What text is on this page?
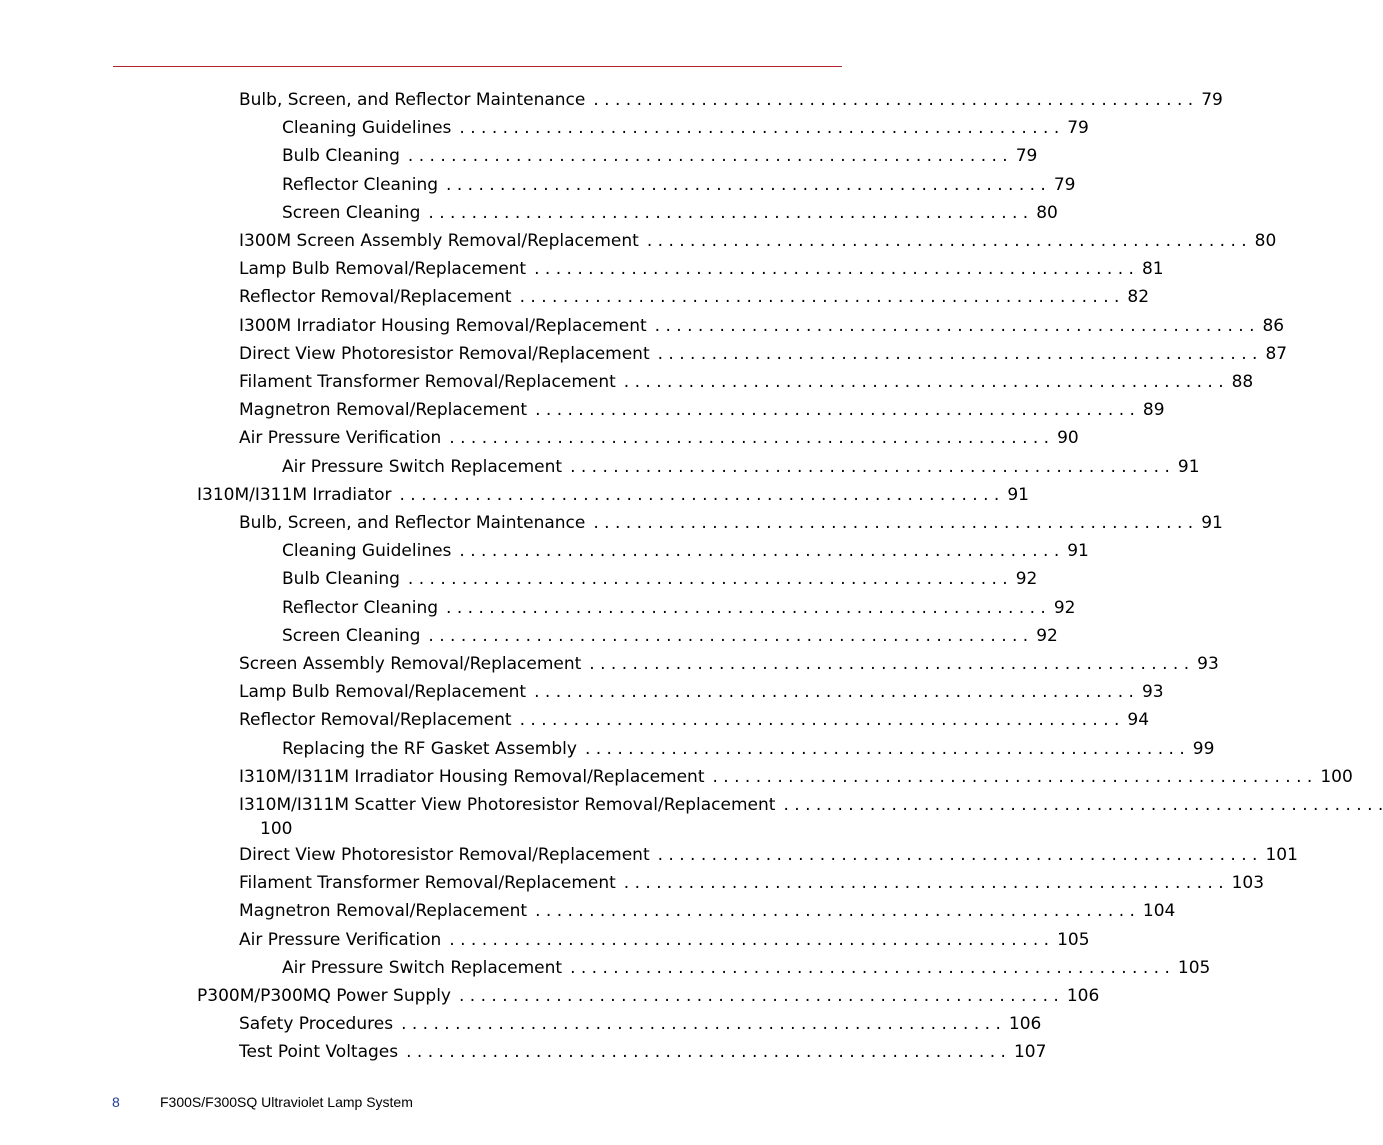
Bulb, Screen, and Reflector Maintenance . . . . . . . . . . . . . . . . . . . . . . . . . . . . . . . . . . . . . . . . . . . . . . . . . . . . . . . . 79
Cleaning Guidelines . . . . . . . . . . . . . . . . . . . . . . . . . . . . . . . . . . . . . . . . . . . . . . . . . . . . . . . . 79
Bulb Cleaning . . . . . . . . . . . . . . . . . . . . . . . . . . . . . . . . . . . . . . . . . . . . . . . . . . . . . . . . 79
Reflector Cleaning . . . . . . . . . . . . . . . . . . . . . . . . . . . . . . . . . . . . . . . . . . . . . . . . . . . . . . . . 79
Screen Cleaning . . . . . . . . . . . . . . . . . . . . . . . . . . . . . . . . . . . . . . . . . . . . . . . . . . . . . . . . 80
I300M Screen Assembly Removal/Replacement . . . . . . . . . . . . . . . . . . . . . . . . . . . . . . . . . . . . . . . . . . . . . . . . . . . . . . . . 80
Lamp Bulb Removal/Replacement . . . . . . . . . . . . . . . . . . . . . . . . . . . . . . . . . . . . . . . . . . . . . . . . . . . . . . . . 81
Reflector Removal/Replacement . . . . . . . . . . . . . . . . . . . . . . . . . . . . . . . . . . . . . . . . . . . . . . . . . . . . . . . . 82
I300M Irradiator Housing Removal/Replacement . . . . . . . . . . . . . . . . . . . . . . . . . . . . . . . . . . . . . . . . . . . . . . . . . . . . . . . . 86
Direct View Photoresistor Removal/Replacement . . . . . . . . . . . . . . . . . . . . . . . . . . . . . . . . . . . . . . . . . . . . . . . . . . . . . . . . 87
Filament Transformer Removal/Replacement . . . . . . . . . . . . . . . . . . . . . . . . . . . . . . . . . . . . . . . . . . . . . . . . . . . . . . . . 88
Magnetron Removal/Replacement . . . . . . . . . . . . . . . . . . . . . . . . . . . . . . . . . . . . . . . . . . . . . . . . . . . . . . . . 89
Air Pressure Verification . . . . . . . . . . . . . . . . . . . . . . . . . . . . . . . . . . . . . . . . . . . . . . . . . . . . . . . . 90
Air Pressure Switch Replacement . . . . . . . . . . . . . . . . . . . . . . . . . . . . . . . . . . . . . . . . . . . . . . . . . . . . . . . . 91
I310M/I311M Irradiator . . . . . . . . . . . . . . . . . . . . . . . . . . . . . . . . . . . . . . . . . . . . . . . . . . . . . . . . 91
Bulb, Screen, and Reflector Maintenance . . . . . . . . . . . . . . . . . . . . . . . . . . . . . . . . . . . . . . . . . . . . . . . . . . . . . . . . 91
Cleaning Guidelines . . . . . . . . . . . . . . . . . . . . . . . . . . . . . . . . . . . . . . . . . . . . . . . . . . . . . . . . 91
Bulb Cleaning . . . . . . . . . . . . . . . . . . . . . . . . . . . . . . . . . . . . . . . . . . . . . . . . . . . . . . . . 92
Reflector Cleaning . . . . . . . . . . . . . . . . . . . . . . . . . . . . . . . . . . . . . . . . . . . . . . . . . . . . . . . . 92
Screen Cleaning . . . . . . . . . . . . . . . . . . . . . . . . . . . . . . . . . . . . . . . . . . . . . . . . . . . . . . . . 92
Screen Assembly Removal/Replacement . . . . . . . . . . . . . . . . . . . . . . . . . . . . . . . . . . . . . . . . . . . . . . . . . . . . . . . . 93
Lamp Bulb Removal/Replacement . . . . . . . . . . . . . . . . . . . . . . . . . . . . . . . . . . . . . . . . . . . . . . . . . . . . . . . . 93
Reflector Removal/Replacement . . . . . . . . . . . . . . . . . . . . . . . . . . . . . . . . . . . . . . . . . . . . . . . . . . . . . . . . 94
Replacing the RF Gasket Assembly . . . . . . . . . . . . . . . . . . . . . . . . . . . . . . . . . . . . . . . . . . . . . . . . . . . . . . . . 99
I310M/I311M Irradiator Housing Removal/Replacement . . . . . . . . . . . . . . . . . . . . . . . . . . . . . . . . . . . . . . . . . . . . . . . . . . . . . . . . 100
I310M/I311M Scatter View Photoresistor Removal/Replacement . . . . . . . . . . . . . . . . . . . . . . . . . . . . . . . . . . . . . . . . . . . . . . . . . . . . . . . .
100
Direct View Photoresistor Removal/Replacement . . . . . . . . . . . . . . . . . . . . . . . . . . . . . . . . . . . . . . . . . . . . . . . . . . . . . . . . 101
Filament Transformer Removal/Replacement . . . . . . . . . . . . . . . . . . . . . . . . . . . . . . . . . . . . . . . . . . . . . . . . . . . . . . . . 103
Magnetron Removal/Replacement . . . . . . . . . . . . . . . . . . . . . . . . . . . . . . . . . . . . . . . . . . . . . . . . . . . . . . . . 104
Air Pressure Verification . . . . . . . . . . . . . . . . . . . . . . . . . . . . . . . . . . . . . . . . . . . . . . . . . . . . . . . . 105
Air Pressure Switch Replacement . . . . . . . . . . . . . . . . . . . . . . . . . . . . . . . . . . . . . . . . . . . . . . . . . . . . . . . . 105
P300M/P300MQ Power Supply . . . . . . . . . . . . . . . . . . . . . . . . . . . . . . . . . . . . . . . . . . . . . . . . . . . . . . . . 106
Safety Procedures . . . . . . . . . . . . . . . . . . . . . . . . . . . . . . . . . . . . . . . . . . . . . . . . . . . . . . . . 106
Test Point Voltages . . . . . . . . . . . . . . . . . . . . . . . . . . . . . . . . . . . . . . . . . . . . . . . . . . . . . . . . 107
8	F300S/F300SQ Ultraviolet Lamp System
